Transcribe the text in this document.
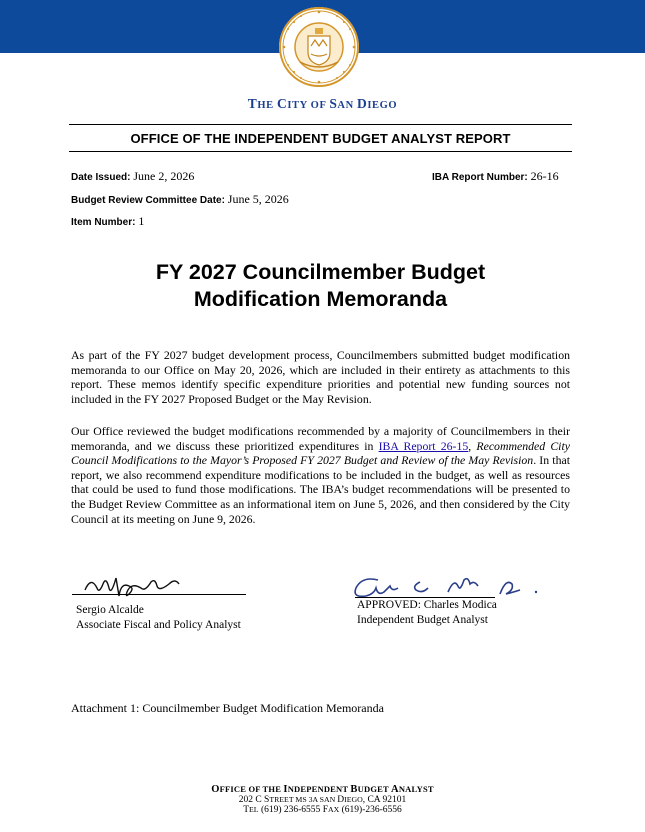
THE CITY OF SAN DIEGO
OFFICE OF THE INDEPENDENT BUDGET ANALYST REPORT
Date Issued: June 2, 2026	IBA Report Number: 26-16
Budget Review Committee Date: June 5, 2026
Item Number: 1
FY 2027 Councilmember Budget
Modification Memoranda
As part of the FY 2027 budget development process, Councilmembers submitted budget modification memoranda to our Office on May 20, 2026, which are included in their entirety as attachments to this report. These memos identify specific expenditure priorities and potential new funding sources not included in the FY 2027 Proposed Budget or the May Revision.
Our Office reviewed the budget modifications recommended by a majority of Councilmembers in their memoranda, and we discuss these prioritized expenditures in IBA Report 26-15, Recommended City Council Modifications to the Mayor’s Proposed FY 2027 Budget and Review of the May Revision. In that report, we also recommend expenditure modifications to be included in the budget, as well as resources that could be used to fund those modifications. The IBA’s budget recommendations will be presented to the Budget Review Committee as an informational item on June 5, 2026, and then considered by the City Council at its meeting on June 9, 2026.
Sergio Alcalde
Associate Fiscal and Policy Analyst
APPROVED: Charles Modica
Independent Budget Analyst
Attachment 1: Councilmember Budget Modification Memoranda
OFFICE OF THE INDEPENDENT BUDGET ANALYST
202 C STREET MS 3A SAN DIEGO, CA 92101
TEL (619) 236-6555 FAX (619)-236-6556
